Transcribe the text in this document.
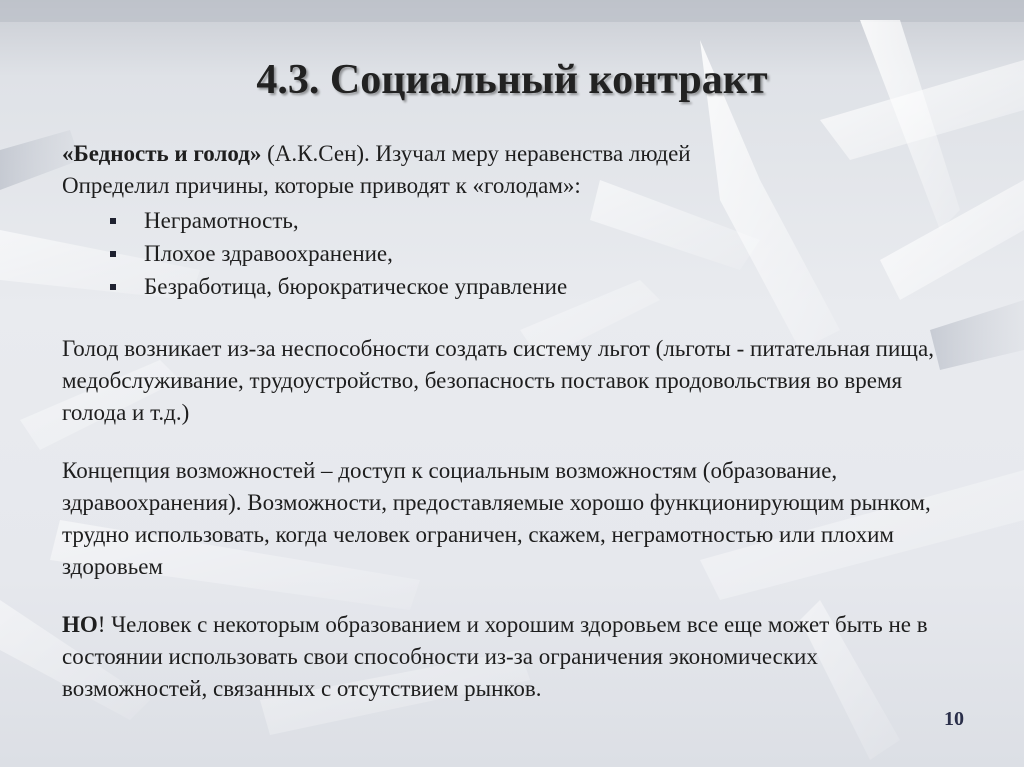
4.3. Социальный контракт

«Бедность и голод» (А.К.Сен). Изучал меру неравенства людей

Определил причины, которые приводят к «голодам»:

Неграмотность,
Плохое здравоохранение,
Безработица, бюрократическое управление

Голод возникает из-за неспособности создать систему льгот (льготы - питательная пища, медобслуживание, трудоустройство, безопасность поставок продовольствия во время голода и т.д.)

Концепция возможностей – доступ к социальным возможностям (образование, здравоохранения). Возможности, предоставляемые хорошо функционирующим рынком, трудно использовать, когда человек ограничен, скажем, неграмотностью или плохим здоровьем

НО! Человек с некоторым образованием и хорошим здоровьем все еще может быть не в состоянии использовать свои способности из-за ограничения экономических возможностей, связанных с отсутствием рынков.

10
